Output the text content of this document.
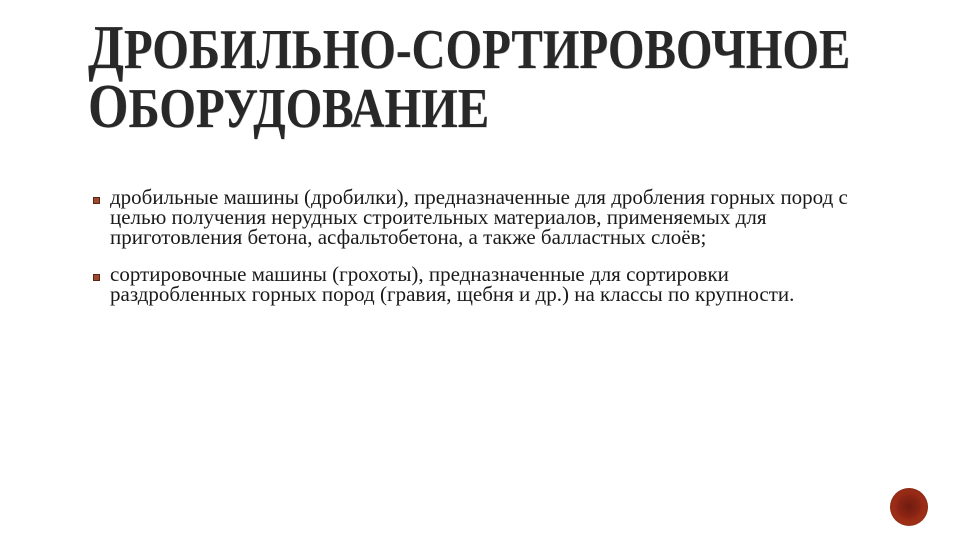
ДРОБИЛЬНО-СОРТИРОВОЧНОЕ
ОБОРУДОВАНИЕ
дробильные машины (дробилки), предназначенные для дробления горных пород с
целью получения нерудных строительных материалов, применяемых для
приготовления бетона, асфальтобетона, а также балластных слоёв;
сортировочные машины (грохоты), предназначенные для сортировки
раздробленных горных пород (гравия, щебня и др.) на классы по крупности.
